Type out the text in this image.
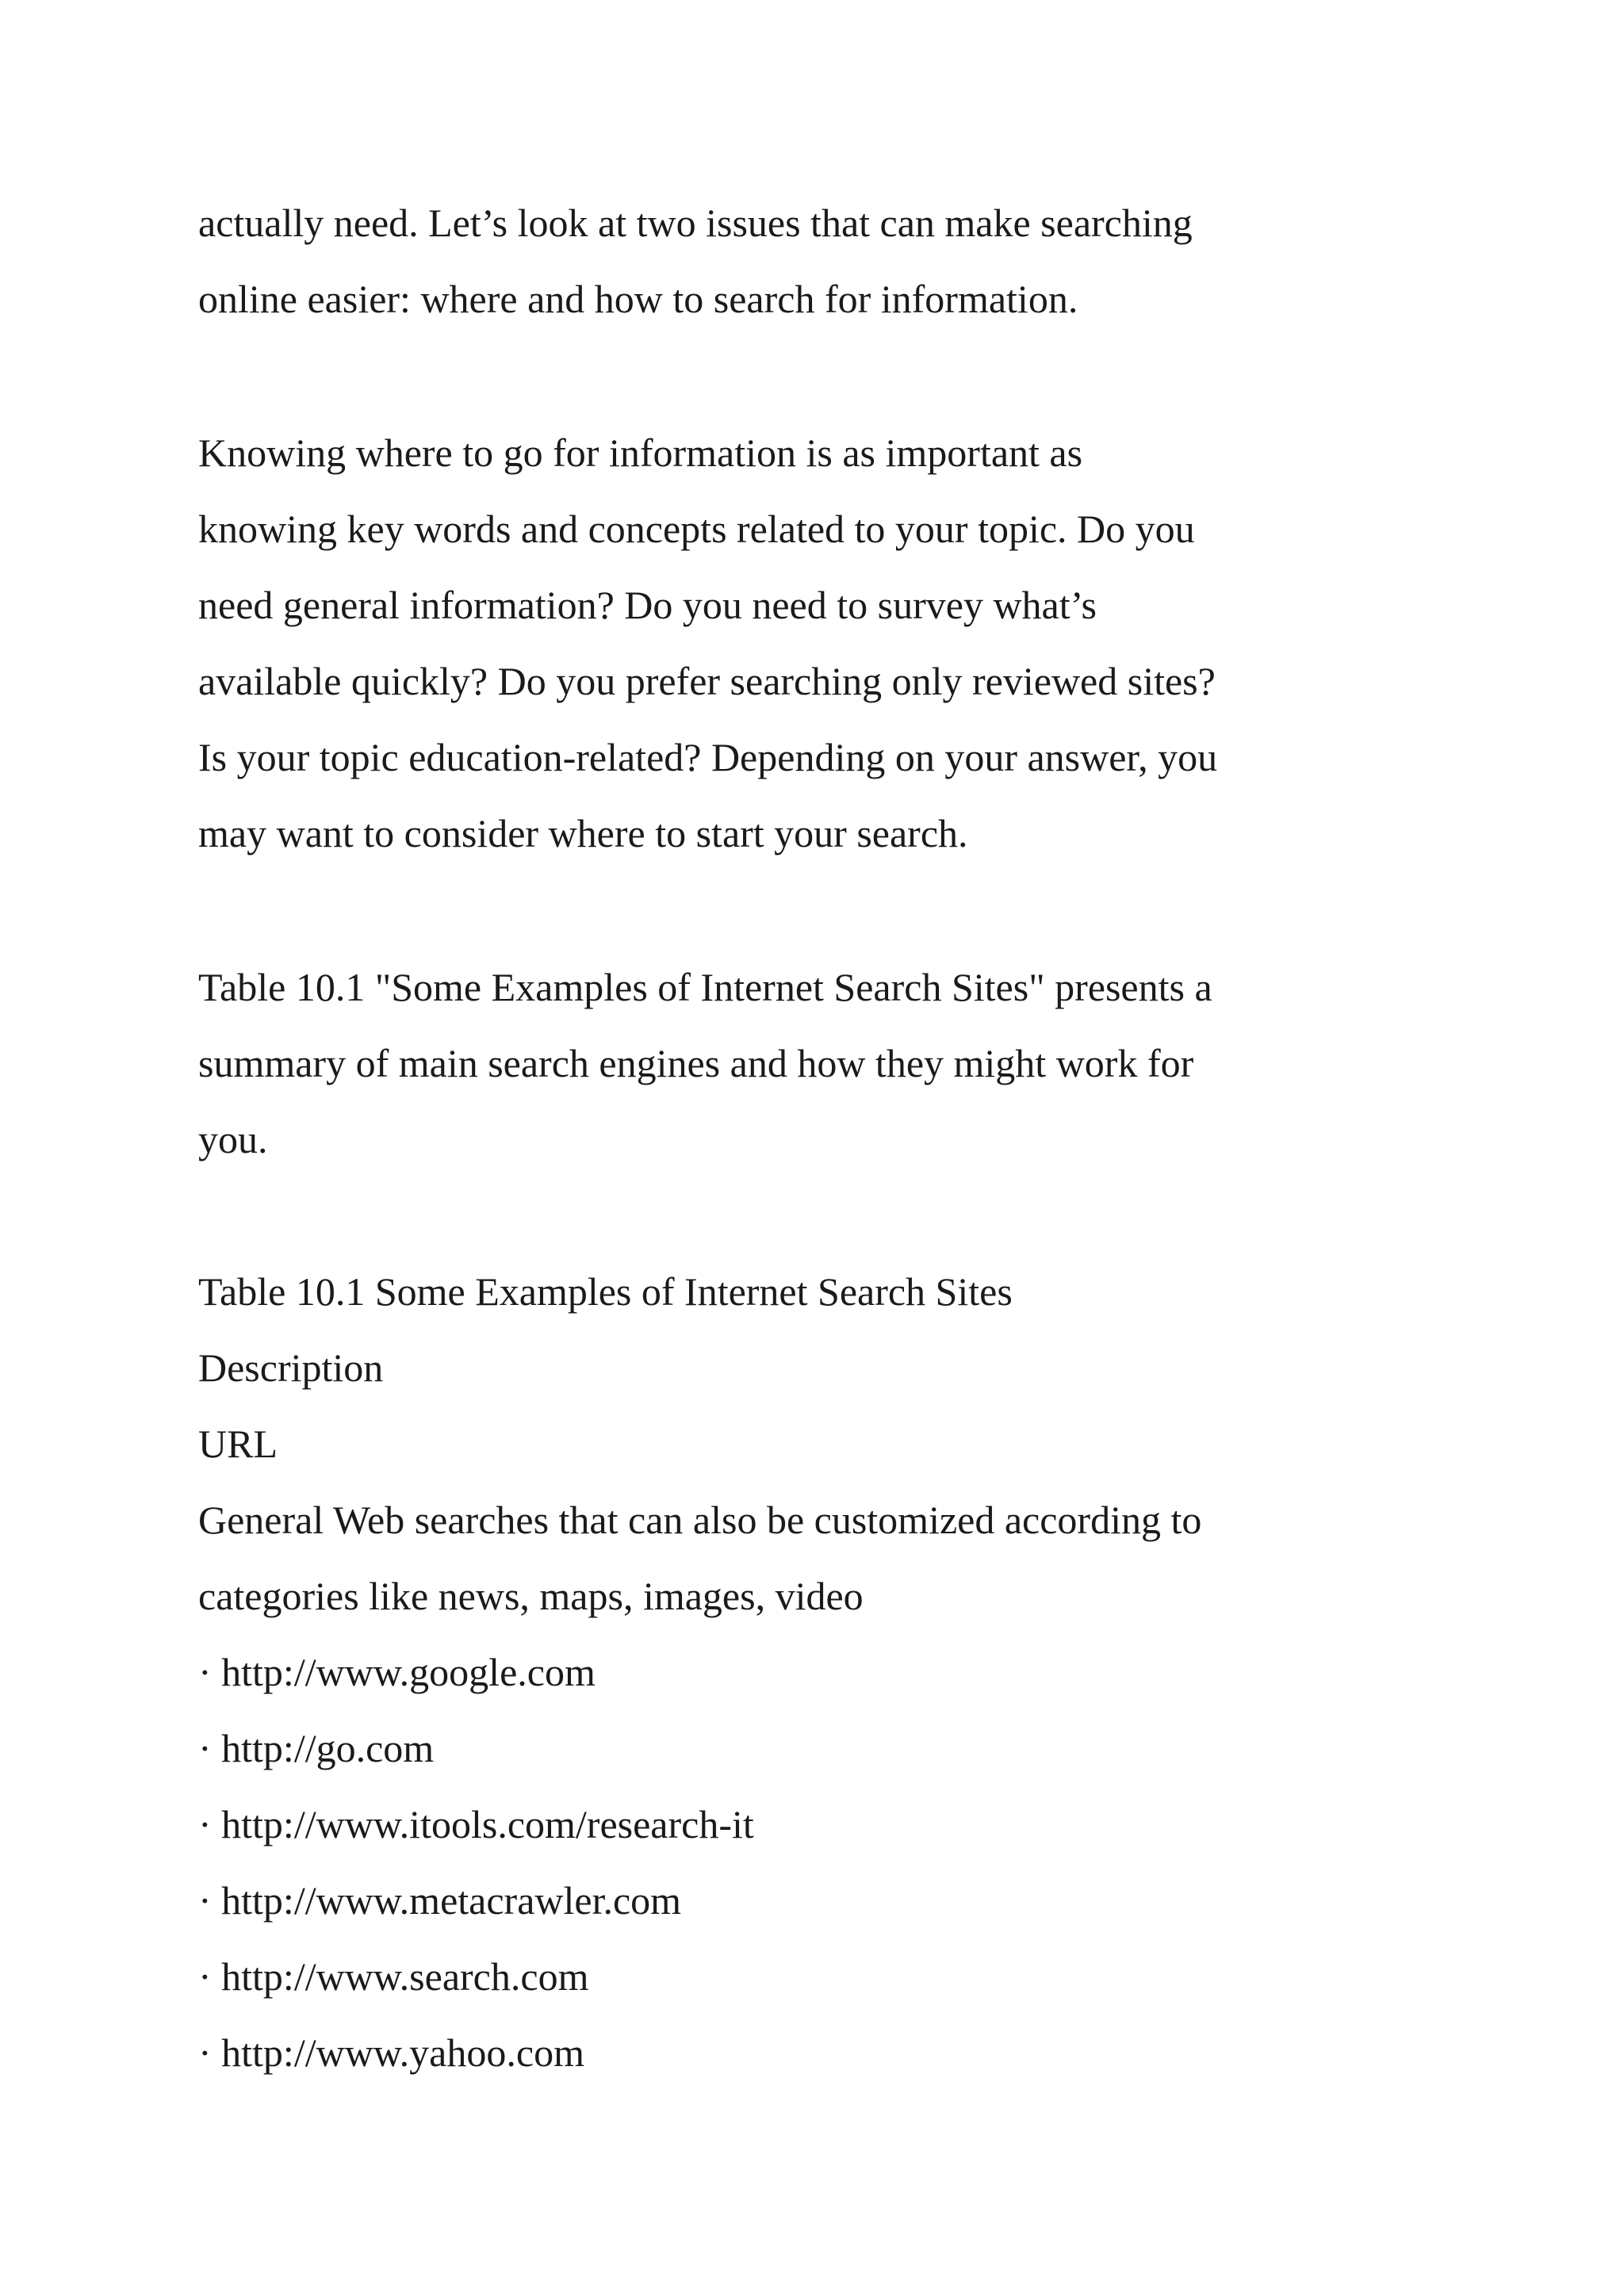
actually need. Let’s look at two issues that can make searching
online easier: where and how to search for information.
Knowing where to go for information is as important as
knowing key words and concepts related to your topic. Do you
need general information? Do you need to survey what’s
available quickly? Do you prefer searching only reviewed sites?
Is your topic education-related? Depending on your answer, you
may want to consider where to start your search.
Table 10.1 "Some Examples of Internet Search Sites" presents a
summary of main search engines and how they might work for
you.
Table 10.1 Some Examples of Internet Search Sites
Description
URL
General Web searches that can also be customized according to
categories like news, maps, images, video
· http://www.google.com
· http://go.com
· http://www.itools.com/research-it
· http://www.metacrawler.com
· http://www.search.com
· http://www.yahoo.com
